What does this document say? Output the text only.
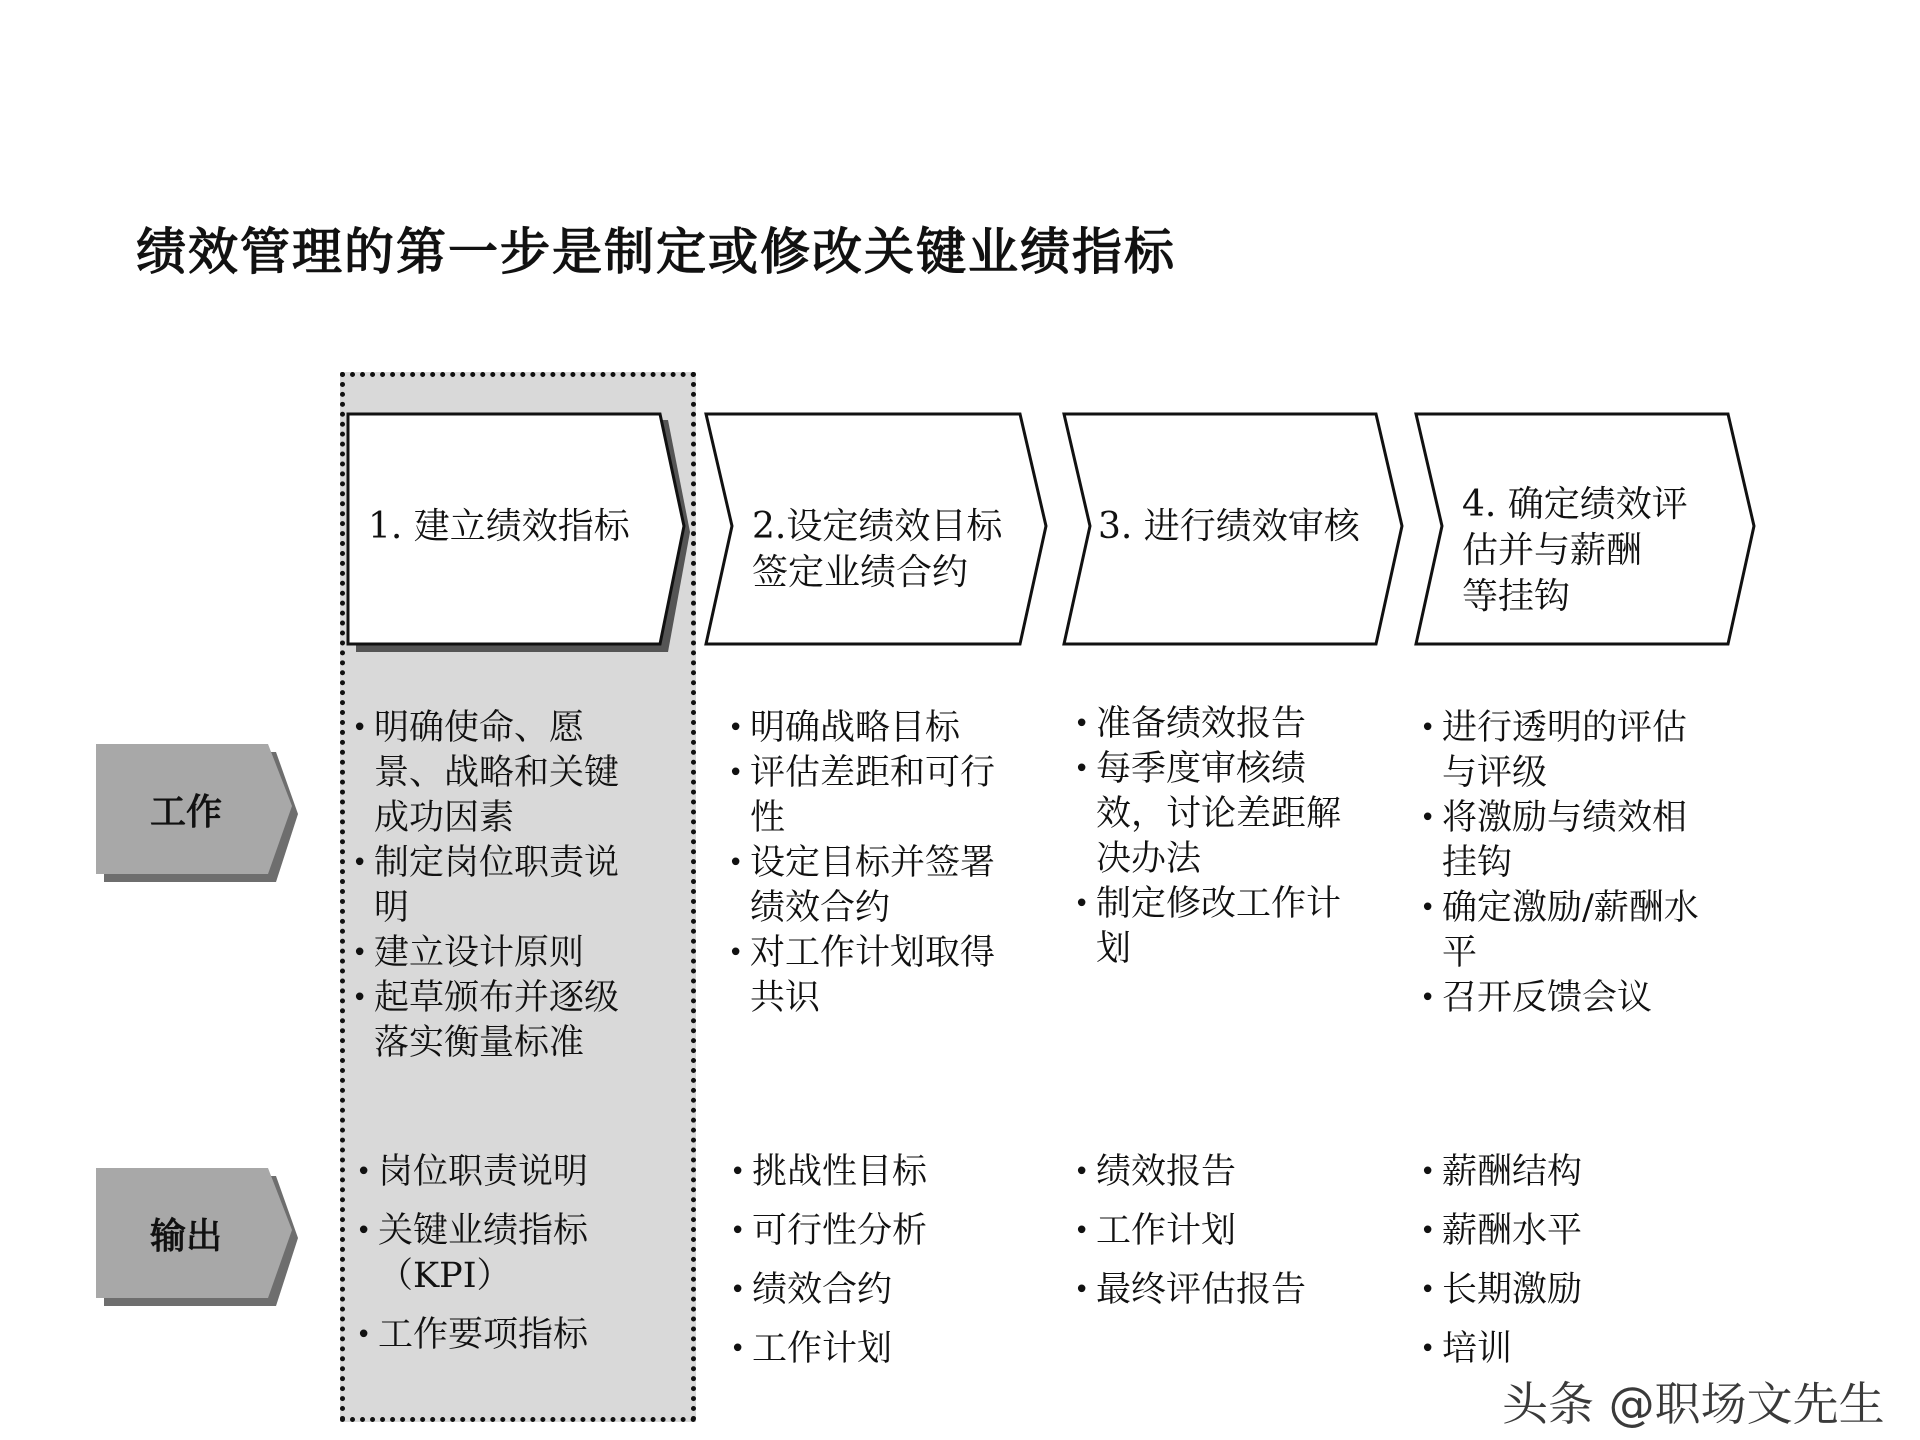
绩效管理的第一步是制定或修改关键业绩指标
1. 建立绩效指标	2.设定绩效目标
签定业绩合约
3. 进行绩效审核
4. 确定绩效评
估并与薪酬
等挂钩
工作
输出
• 明确使命、愿景、战略和关键成功因素
• 制定岗位职责说明
• 建立设计原则
• 起草颁布并逐级落实衡量标准
• 明确战略目标
• 评估差距和可行性
• 设定目标并签署绩效合约
• 对工作计划取得共识
• 准备绩效报告
• 每季度审核绩效，讨论差距解决办法
• 制定修改工作计划
• 进行透明的评估与评级
• 将激励与绩效相挂钩
• 确定激励/薪酬水平
• 召开反馈会议
• 岗位职责说明
• 关键业绩指标（KPI）
• 工作要项指标
• 挑战性目标
• 可行性分析
• 绩效合约
• 工作计划
• 绩效报告
• 工作计划
• 最终评估报告
• 薪酬结构
• 薪酬水平
• 长期激励
• 培训
头条 @职场文先生
